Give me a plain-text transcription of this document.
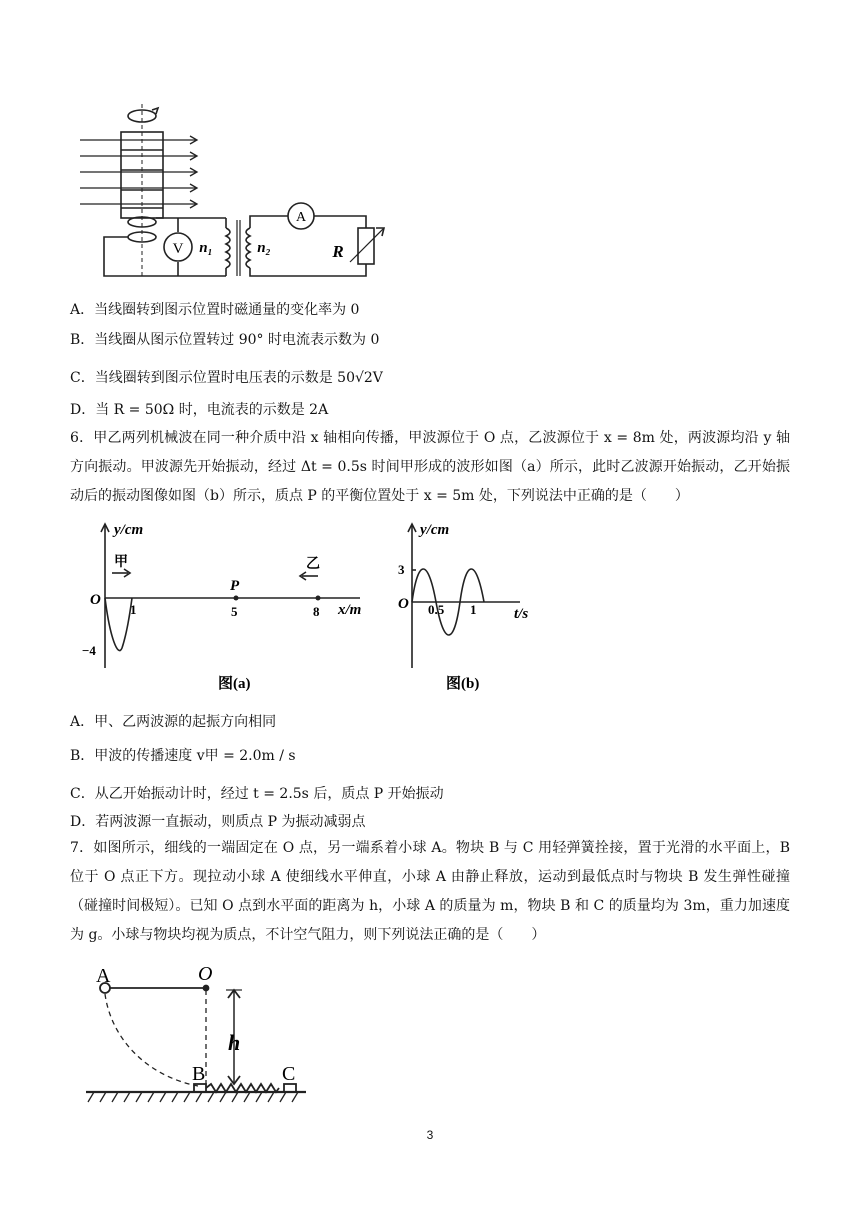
V
A
n₁	n₂	R
A．当线圈转到图示位置时磁通量的变化率为 0
B．当线圈从图示位置转过 90° 时电流表示数为 0
C．当线圈转到图示位置时电压表的示数是 50√2V
D．当 R = 50Ω 时，电流表的示数是 2A
6．甲乙两列机械波在同一种介质中沿 x 轴相向传播，甲波源位于 O 点，乙波源位于 x = 8m 处，两波源均沿 y 轴方向振动。甲波源先开始振动，经过 Δt = 0.5s 时间甲形成的波形如图（a）所示，此时乙波源开始振动，乙开始振动后的振动图像如图（b）所示，质点 P 的平衡位置处于 x = 5m 处，下列说法中正确的是（　　）
y/cm
O
甲	乙
P
1	5	8 x/m
−4
图(a)
y/cm
3
O 0.5 1	t/s
图(b)
A．甲、乙两波源的起振方向相同
B．甲波的传播速度 v甲 = 2.0m / s
C．从乙开始振动计时，经过 t = 2.5s 后，质点 P 开始振动
D．若两波源一直振动，则质点 P 为振动减弱点
7．如图所示，细线的一端固定在 O 点，另一端系着小球 A。物块 B 与 C 用轻弹簧拴接，置于光滑的水平面上，B 位于 O 点正下方。现拉动小球 A 使细线水平伸直，小球 A 由静止释放，运动到最低点时与物块 B 发生弹性碰撞（碰撞时间极短）。已知 O 点到水平面的距离为 h，小球 A 的质量为 m，物块 B 和 C 的质量均为 3m，重力加速度为 g。小球与物块均视为质点，不计空气阻力，则下列说法正确的是（　　）
A	O
h
B	C
3
